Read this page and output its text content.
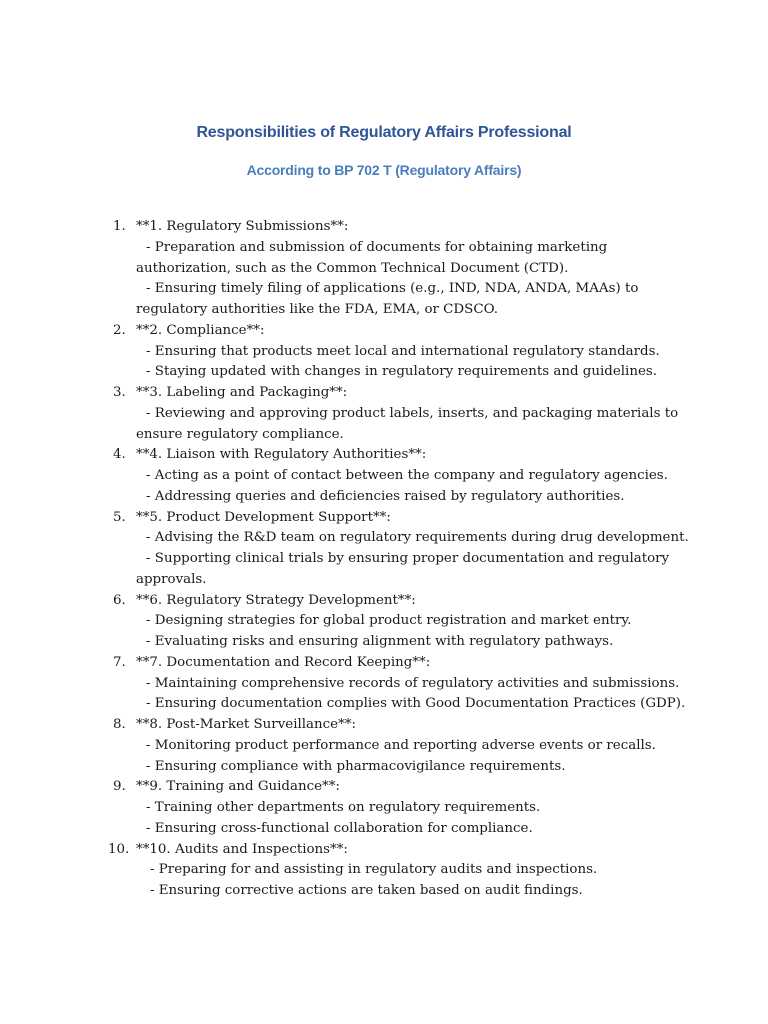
Responsibilities of Regulatory Affairs Professional
According to BP 702 T (Regulatory Affairs)
1. **1. Regulatory Submissions**:
- Preparation and submission of documents for obtaining marketing
authorization, such as the Common Technical Document (CTD).
- Ensuring timely filing of applications (e.g., IND, NDA, ANDA, MAAs) to
regulatory authorities like the FDA, EMA, or CDSCO.
2. **2. Compliance**:
- Ensuring that products meet local and international regulatory standards.
- Staying updated with changes in regulatory requirements and guidelines.
3. **3. Labeling and Packaging**:
- Reviewing and approving product labels, inserts, and packaging materials to
ensure regulatory compliance.
4. **4. Liaison with Regulatory Authorities**:
- Acting as a point of contact between the company and regulatory agencies.
- Addressing queries and deficiencies raised by regulatory authorities.
5. **5. Product Development Support**:
- Advising the R&D team on regulatory requirements during drug development.
- Supporting clinical trials by ensuring proper documentation and regulatory
approvals.
6. **6. Regulatory Strategy Development**:
- Designing strategies for global product registration and market entry.
- Evaluating risks and ensuring alignment with regulatory pathways.
7. **7. Documentation and Record Keeping**:
- Maintaining comprehensive records of regulatory activities and submissions.
- Ensuring documentation complies with Good Documentation Practices (GDP).
8. **8. Post-Market Surveillance**:
- Monitoring product performance and reporting adverse events or recalls.
- Ensuring compliance with pharmacovigilance requirements.
9. **9. Training and Guidance**:
- Training other departments on regulatory requirements.
- Ensuring cross-functional collaboration for compliance.
10. **10. Audits and Inspections**:
- Preparing for and assisting in regulatory audits and inspections.
- Ensuring corrective actions are taken based on audit findings.
